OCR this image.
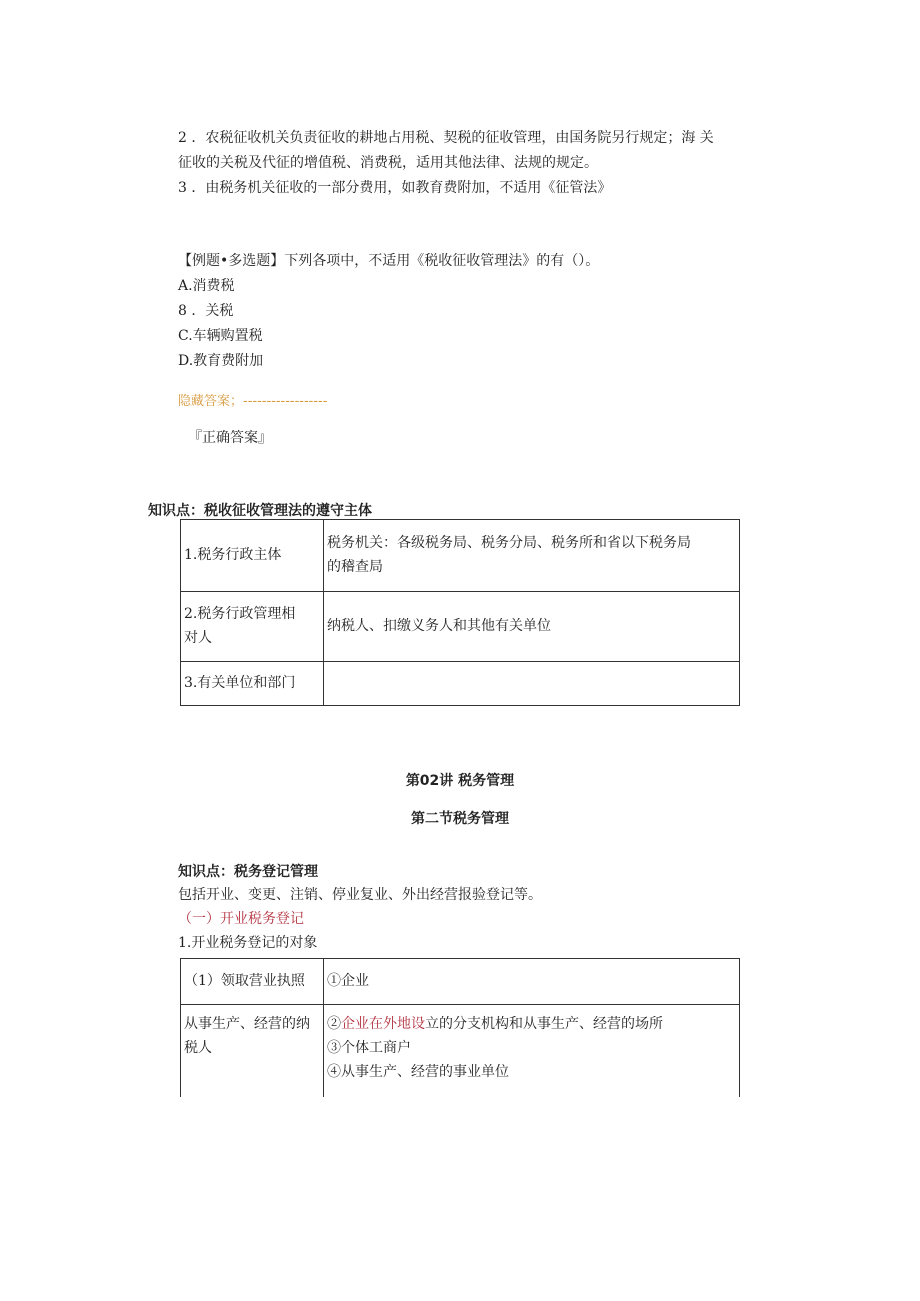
2 ．农税征收机关负责征收的耕地占用税、契税的征收管理，由国务院另行规定；海 关

征收的关税及代征的增值税、消费税，适用其他法律、法规的规定。

3 ．由税务机关征收的一部分费用，如教育费附加，不适用《征管法》

【例题•多选题】下列各项中，不适用《税收征收管理法》的有（）。

A.消费税

8 ．关税

C.车辆购置税

D.教育费附加

隐藏答案；------------------

『正确答案』

知识点：税收征收管理法的遵守主体

1.税务行政主体	税务机关：各级税务局、税务分局、税务所和省以下税务局
的稽查局
2.税务行政管理相
对人	纳税人、扣缴义务人和其他有关单位
3.有关单位和部门	

第02讲 税务管理

第二节税务管理

知识点：税务登记管理

包括开业、变更、注销、停业复业、外出经营报验登记等。

（一）开业税务登记

1.开业税务登记的对象

（1）领取营业执照	①企业
从事生产、经营的纳
税人	②企业在外地设立的分支机构和从事生产、经营的场所
③个体工商户
④从事生产、经营的事业单位
